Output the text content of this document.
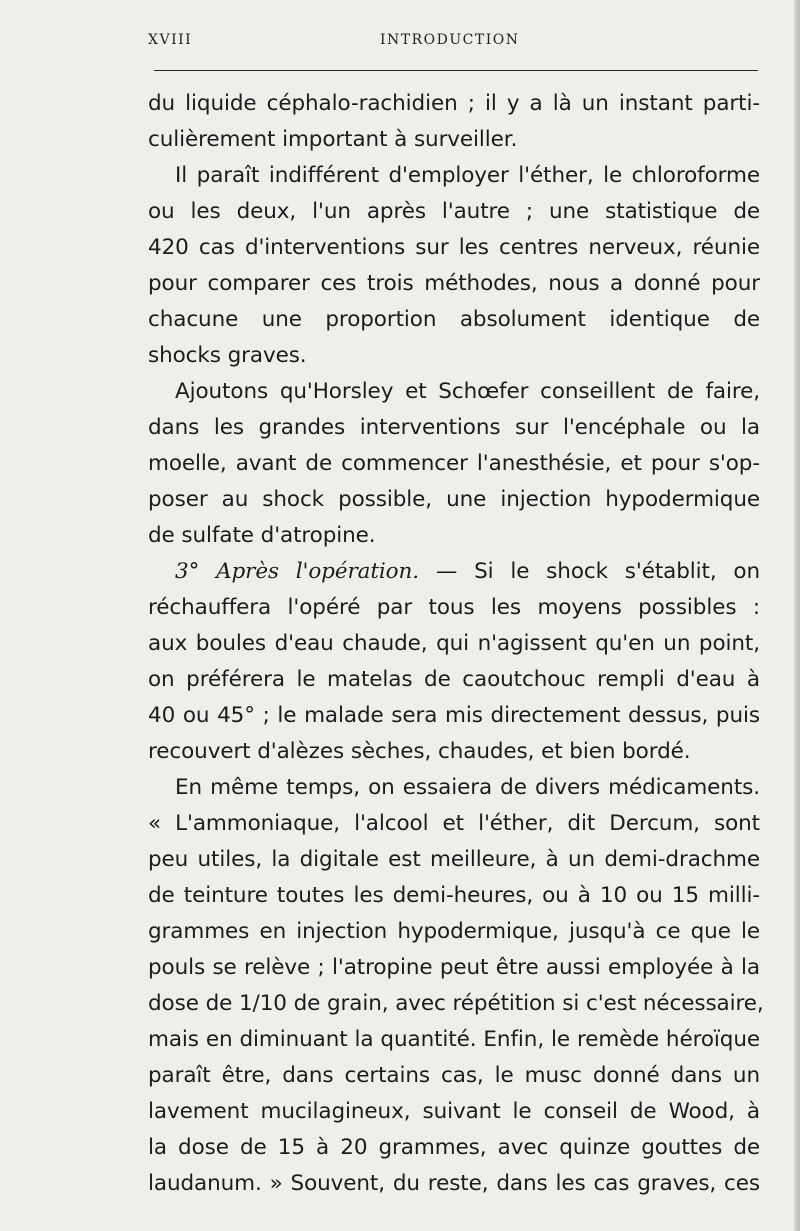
XVIII	INTRODUCTION
du liquide céphalo-rachidien ; il y a là un instant parti-
culièrement important à surveiller.
Il paraît indifférent d'employer l'éther, le chloroforme
ou les deux, l'un après l'autre ; une statistique de
420 cas d'interventions sur les centres nerveux, réunie
pour comparer ces trois méthodes, nous a donné pour
chacune une proportion absolument identique de
shocks graves.
Ajoutons qu'Horsley et Schœfer conseillent de faire,
dans les grandes interventions sur l'encéphale ou la
moelle, avant de commencer l'anesthésie, et pour s'op-
poser au shock possible, une injection hypodermique
de sulfate d'atropine.
3° Après l'opération. — Si le shock s'établit, on
réchauffera l'opéré par tous les moyens possibles :
aux boules d'eau chaude, qui n'agissent qu'en un point,
on préférera le matelas de caoutchouc rempli d'eau à
40 ou 45° ; le malade sera mis directement dessus, puis
recouvert d'alèzes sèches, chaudes, et bien bordé.
En même temps, on essaiera de divers médicaments.
« L'ammoniaque, l'alcool et l'éther, dit Dercum, sont
peu utiles, la digitale est meilleure, à un demi-drachme
de teinture toutes les demi-heures, ou à 10 ou 15 milli-
grammes en injection hypodermique, jusqu'à ce que le
pouls se relève ; l'atropine peut être aussi employée à la
dose de 1/10 de grain, avec répétition si c'est nécessaire,
mais en diminuant la quantité. Enfin, le remède héroïque
paraît être, dans certains cas, le musc donné dans un
lavement mucilagineux, suivant le conseil de Wood, à
la dose de 15 à 20 grammes, avec quinze gouttes de
laudanum. » Souvent, du reste, dans les cas graves, ces
